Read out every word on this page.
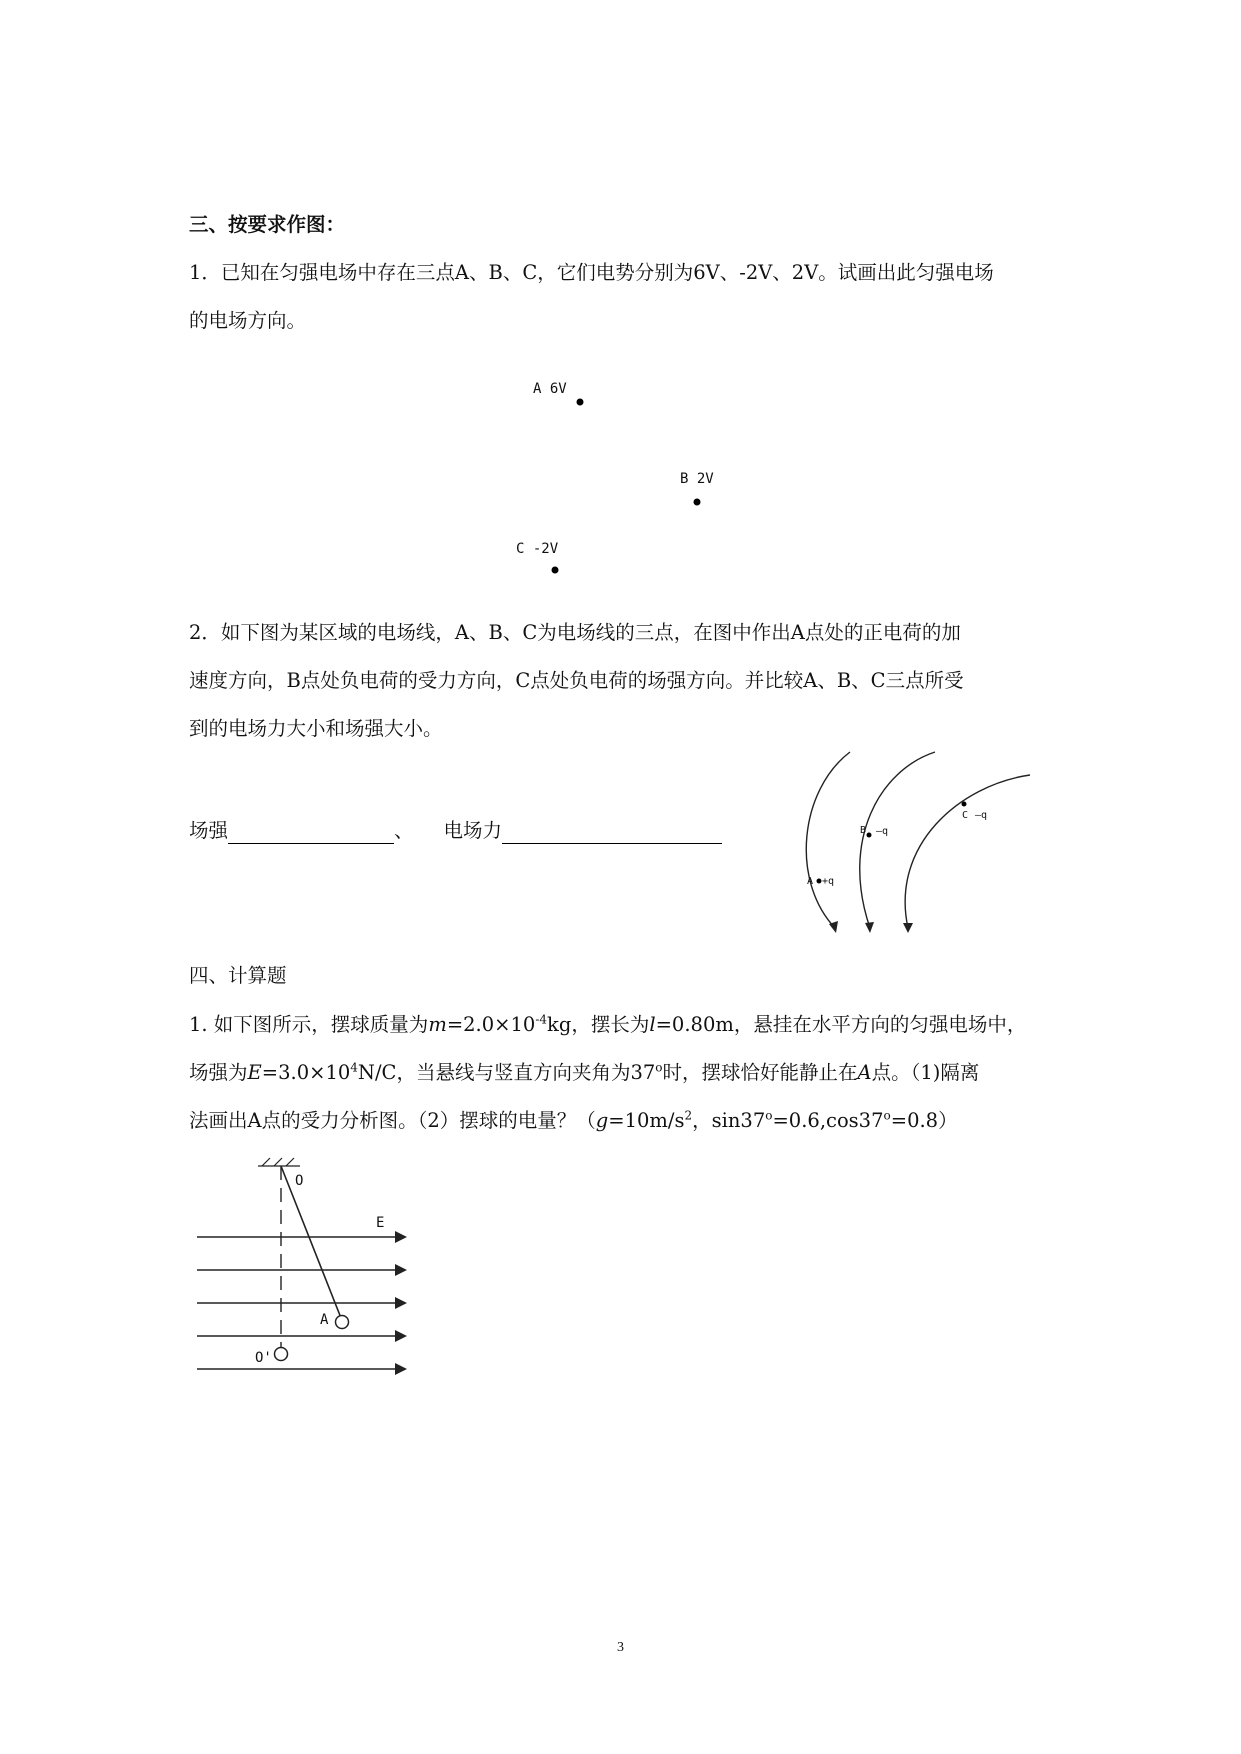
三、按要求作图：
1．已知在匀强电场中存在三点A、B、C，它们电势分别为6V、-2V、2V。试画出此匀强电场
的电场方向。
A 6V
B 2V
C -2V
2．如下图为某区域的电场线，A、B、C为电场线的三点，在图中作出A点处的正电荷的加
速度方向，B点处负电荷的受力方向，C点处负电荷的场强方向。并比较A、B、C三点所受
到的电场力大小和场强大小。
场强	、 电场力
A +q
B —q
C —q
四、计算题
1. 如下图所示，摆球质量为$m=2.0\times 10^{-4}kg$，摆长为l=0.80m，悬挂在水平方向的匀强电场中，
场强为$E=3.0\times 10^4N/C$，当悬线与竖直方向夹角为37$^o$时，摆球恰好能静止在A点。（1)隔离
法画出A点的受力分析图。（2）摆球的电量？（$g=10m/s^2$，$\sin 37^o=0.6,\cos 37^o=0.8$）
O
A
O'
E
3
